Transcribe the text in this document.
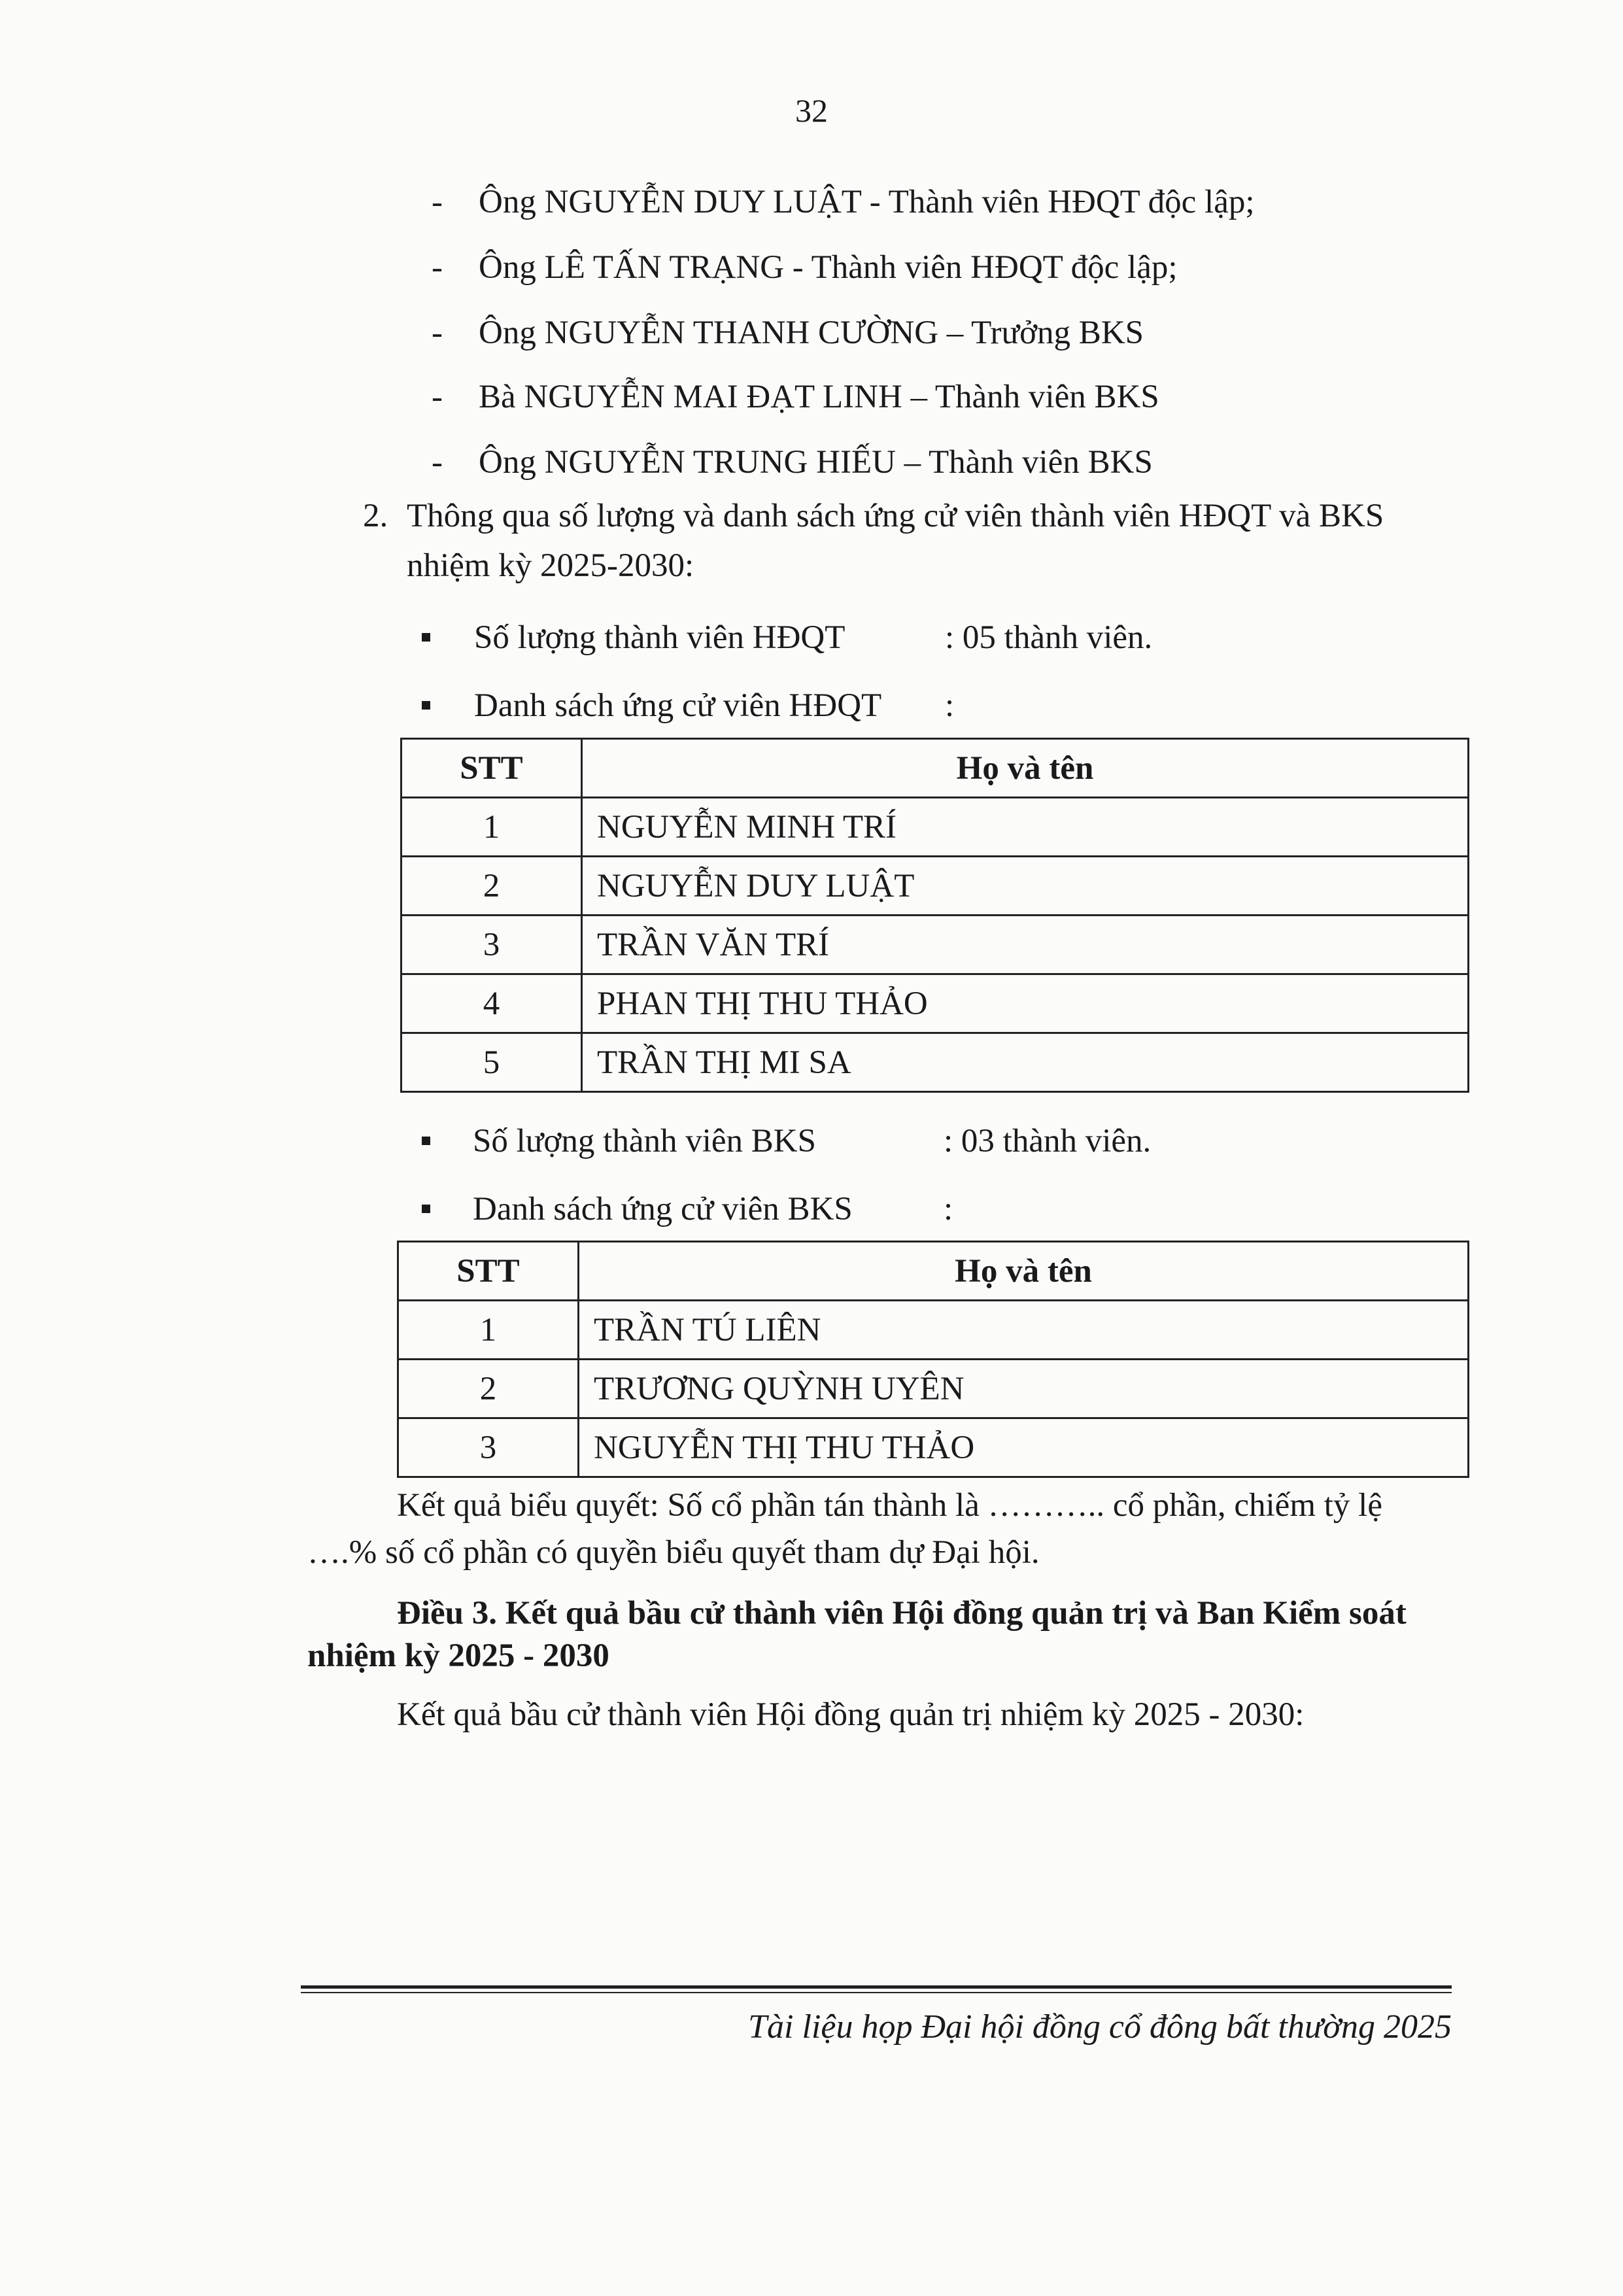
32
- Ông NGUYỄN DUY LUẬT - Thành viên HĐQT độc lập;
- Ông LÊ TẤN TRẠNG - Thành viên HĐQT độc lập;
- Ông NGUYỄN THANH CƯỜNG – Trưởng BKS
- Bà NGUYỄN MAI ĐẠT LINH – Thành viên BKS
- Ông NGUYỄN TRUNG HIẾU – Thành viên BKS
2. Thông qua số lượng và danh sách ứng cử viên thành viên HĐQT và BKS
nhiệm kỳ 2025-2030:
Số lượng thành viên HĐQT	: 05 thành viên.
Danh sách ứng cử viên HĐQT :
STT	Họ và tên
1	NGUYỄN MINH TRÍ
2	NGUYỄN DUY LUẬT
3	TRẦN VĂN TRÍ
4	PHAN THỊ THU THẢO
5	TRẦN THỊ MI SA
Số lượng thành viên BKS	: 03 thành viên.
Danh sách ứng cử viên BKS	:
STT	Họ và tên
1	TRẦN TÚ LIÊN
2	TRƯƠNG QUỲNH UYÊN
3	NGUYỄN THỊ THU THẢO
Kết quả biểu quyết: Số cổ phần tán thành là ……….. cổ phần, chiếm tỷ lệ
….% số cổ phần có quyền biểu quyết tham dự Đại hội.
Điều 3. Kết quả bầu cử thành viên Hội đồng quản trị và Ban Kiểm soát
nhiệm kỳ 2025 - 2030
Kết quả bầu cử thành viên Hội đồng quản trị nhiệm kỳ 2025 - 2030:
Tài liệu họp Đại hội đồng cổ đông bất thường 2025
